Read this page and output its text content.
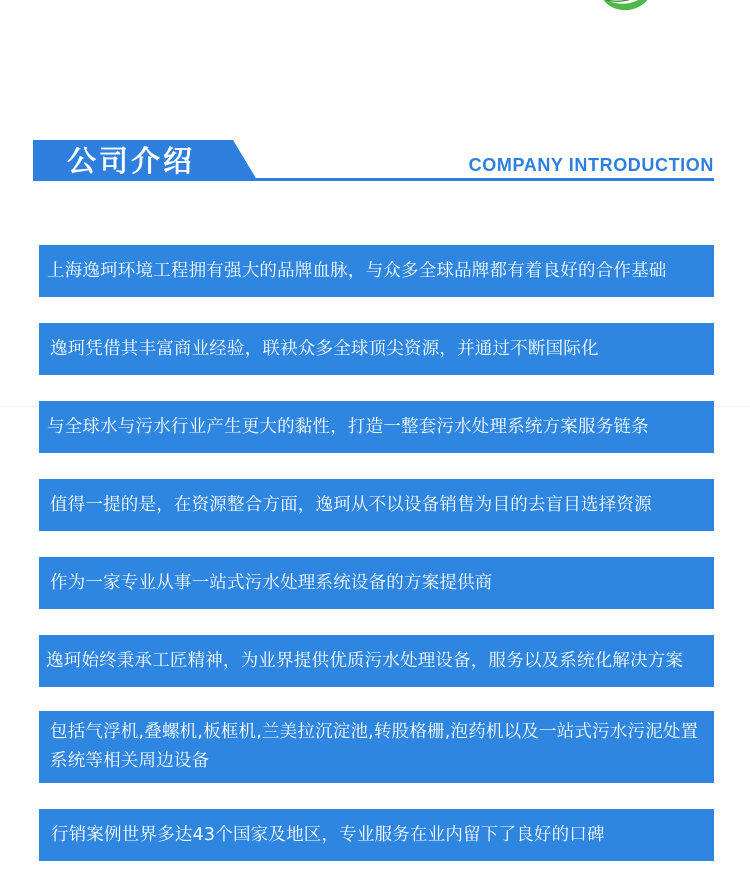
公司介绍	COMPANY INTRODUCTION
上海逸珂环境工程拥有强大的品牌血脉，与众多全球品牌都有着良好的合作基础
逸珂凭借其丰富商业经验，联袂众多全球顶尖资源，并通过不断国际化
与全球水与污水行业产生更大的黏性，打造一整套污水处理系统方案服务链条
值得一提的是，在资源整合方面，逸珂从不以设备销售为目的去盲目选择资源
作为一家专业从事一站式污水处理系统设备的方案提供商
逸珂始终秉承工匠精神，为业界提供优质污水处理设备，服务以及系统化解决方案
包括气浮机,叠螺机,板框机,兰美拉沉淀池,转股格栅,泡药机以及一站式污水污泥处置系统等相关周边设备
行销案例世界多达43个国家及地区，专业服务在业内留下了良好的口碑
